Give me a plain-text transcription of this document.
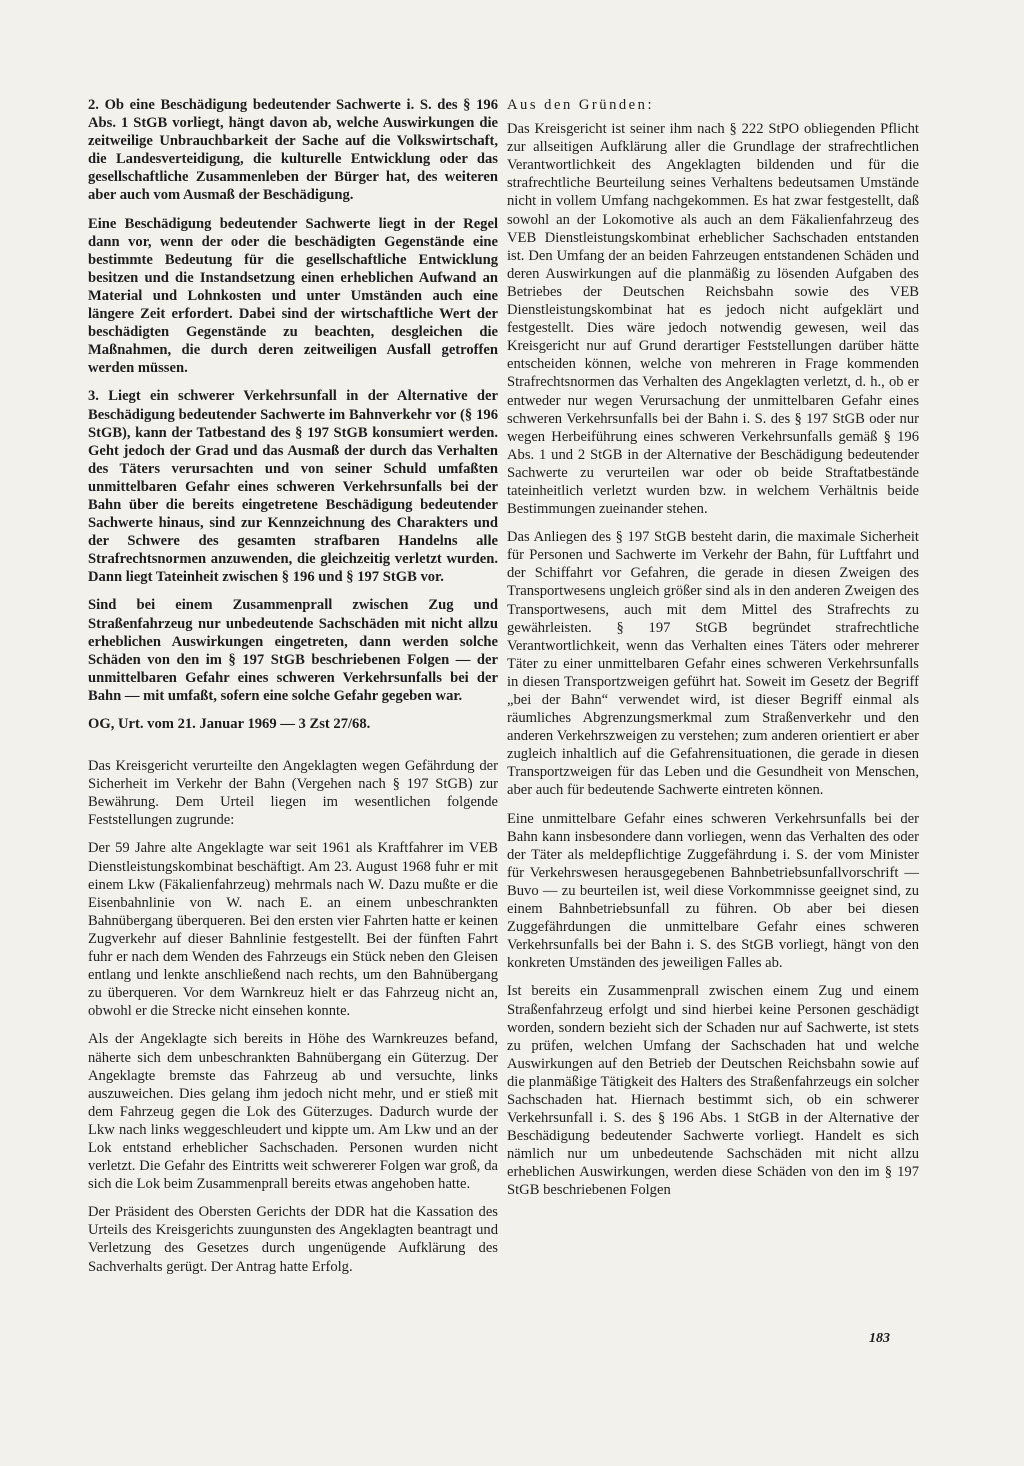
2. Ob eine Beschädigung bedeutender Sachwerte i. S. des § 196 Abs. 1 StGB vorliegt, hängt davon ab, welche Auswirkungen die zeitweilige Unbrauchbarkeit der Sache auf die Volkswirtschaft, die Landesverteidigung, die kulturelle Entwicklung oder das gesellschaftliche Zusammenleben der Bürger hat, des weiteren aber auch vom Ausmaß der Beschädigung.

Eine Beschädigung bedeutender Sachwerte liegt in der Regel dann vor, wenn der oder die beschädigten Gegenstände eine bestimmte Bedeutung für die gesellschaftliche Entwicklung besitzen und die Instandsetzung einen erheblichen Aufwand an Material und Lohnkosten und unter Umständen auch eine längere Zeit erfordert. Dabei sind der wirtschaftliche Wert der beschädigten Gegenstände zu beachten, desgleichen die Maßnahmen, die durch deren zeitweiligen Ausfall getroffen werden müssen.

3. Liegt ein schwerer Verkehrsunfall in der Alternative der Beschädigung bedeutender Sachwerte im Bahnverkehr vor (§ 196 StGB), kann der Tatbestand des § 197 StGB konsumiert werden. Geht jedoch der Grad und das Ausmaß der durch das Verhalten des Täters verursachten und von seiner Schuld umfaßten unmittelbaren Gefahr eines schweren Verkehrsunfalls bei der Bahn über die bereits eingetretene Beschädigung bedeutender Sachwerte hinaus, sind zur Kennzeichnung des Charakters und der Schwere des gesamten strafbaren Handelns alle Strafrechtsnormen anzuwenden, die gleichzeitig verletzt wurden. Dann liegt Tateinheit zwischen § 196 und § 197 StGB vor.

Sind bei einem Zusammenprall zwischen Zug und Straßenfahrzeug nur unbedeutende Sachschäden mit nicht allzu erheblichen Auswirkungen eingetreten, dann werden solche Schäden von den im § 197 StGB beschriebenen Folgen — der unmittelbaren Gefahr eines schweren Verkehrsunfalls bei der Bahn — mit umfaßt, sofern eine solche Gefahr gegeben war.

OG, Urt. vom 21. Januar 1969 — 3 Zst 27/68.

Das Kreisgericht verurteilte den Angeklagten wegen Gefährdung der Sicherheit im Verkehr der Bahn (Vergehen nach § 197 StGB) zur Bewährung. Dem Urteil liegen im wesentlichen folgende Feststellungen zugrunde:

Der 59 Jahre alte Angeklagte war seit 1961 als Kraftfahrer im VEB Dienstleistungskombinat beschäftigt. Am 23. August 1968 fuhr er mit einem Lkw (Fäkalienfahrzeug) mehrmals nach W. Dazu mußte er die Eisenbahnlinie von W. nach E. an einem unbeschrankten Bahnübergang überqueren. Bei den ersten vier Fahrten hatte er keinen Zugverkehr auf dieser Bahnlinie festgestellt. Bei der fünften Fahrt fuhr er nach dem Wenden des Fahrzeugs ein Stück neben den Gleisen entlang und lenkte anschließend nach rechts, um den Bahnübergang zu überqueren. Vor dem Warnkreuz hielt er das Fahrzeug nicht an, obwohl er die Strecke nicht einsehen konnte.

Als der Angeklagte sich bereits in Höhe des Warnkreuzes befand, näherte sich dem unbeschrankten Bahnübergang ein Güterzug. Der Angeklagte bremste das Fahrzeug ab und versuchte, links auszuweichen. Dies gelang ihm jedoch nicht mehr, und er stieß mit dem Fahrzeug gegen die Lok des Güterzuges. Dadurch wurde der Lkw nach links weggeschleudert und kippte um. Am Lkw und an der Lok entstand erheblicher Sachschaden. Personen wurden nicht verletzt. Die Gefahr des Eintritts weit schwererer Folgen war groß, da sich die Lok beim Zusammenprall bereits etwas angehoben hatte.

Der Präsident des Obersten Gerichts der DDR hat die Kassation des Urteils des Kreisgerichts zuungunsten des Angeklagten beantragt und Verletzung des Gesetzes durch ungenügende Aufklärung des Sachverhalts gerügt. Der Antrag hatte Erfolg.

Aus den Gründen:

Das Kreisgericht ist seiner ihm nach § 222 StPO obliegenden Pflicht zur allseitigen Aufklärung aller die Grundlage der strafrechtlichen Verantwortlichkeit des Angeklagten bildenden und für die strafrechtliche Beurteilung seines Verhaltens bedeutsamen Umstände nicht in vollem Umfang nachgekommen. Es hat zwar festgestellt, daß sowohl an der Lokomotive als auch an dem Fäkalienfahrzeug des VEB Dienstleistungskombinat erheblicher Sachschaden entstanden ist. Den Umfang der an beiden Fahrzeugen entstandenen Schäden und deren Auswirkungen auf die planmäßig zu lösenden Aufgaben des Betriebes der Deutschen Reichsbahn sowie des VEB Dienstleistungskombinat hat es jedoch nicht aufgeklärt und festgestellt. Dies wäre jedoch notwendig gewesen, weil das Kreisgericht nur auf Grund derartiger Feststellungen darüber hätte entscheiden können, welche von mehreren in Frage kommenden Strafrechtsnormen das Verhalten des Angeklagten verletzt, d. h., ob er entweder nur wegen Verursachung der unmittelbaren Gefahr eines schweren Verkehrsunfalls bei der Bahn i. S. des § 197 StGB oder nur wegen Herbeiführung eines schweren Verkehrsunfalls gemäß § 196 Abs. 1 und 2 StGB in der Alternative der Beschädigung bedeutender Sachwerte zu verurteilen war oder ob beide Straftatbestände tateinheitlich verletzt wurden bzw. in welchem Verhältnis beide Bestimmungen zueinander stehen.

Das Anliegen des § 197 StGB besteht darin, die maximale Sicherheit für Personen und Sachwerte im Verkehr der Bahn, für Luftfahrt und der Schiffahrt vor Gefahren, die gerade in diesen Zweigen des Transportwesens ungleich größer sind als in den anderen Zweigen des Transportwesens, auch mit dem Mittel des Strafrechts zu gewährleisten. § 197 StGB begründet strafrechtliche Verantwortlichkeit, wenn das Verhalten eines Täters oder mehrerer Täter zu einer unmittelbaren Gefahr eines schweren Verkehrsunfalls in diesen Transportzweigen geführt hat. Soweit im Gesetz der Begriff „bei der Bahn“ verwendet wird, ist dieser Begriff einmal als räumliches Abgrenzungsmerkmal zum Straßenverkehr und den anderen Verkehrszweigen zu verstehen; zum anderen orientiert er aber zugleich inhaltlich auf die Gefahrensituationen, die gerade in diesen Transportzweigen für das Leben und die Gesundheit von Menschen, aber auch für bedeutende Sachwerte eintreten können.

Eine unmittelbare Gefahr eines schweren Verkehrsunfalls bei der Bahn kann insbesondere dann vorliegen, wenn das Verhalten des oder der Täter als meldepflichtige Zuggefährdung i. S. der vom Minister für Verkehrswesen herausgegebenen Bahnbetriebsunfallvorschrift — Buvo — zu beurteilen ist, weil diese Vorkommnisse geeignet sind, zu einem Bahnbetriebsunfall zu führen. Ob aber bei diesen Zuggefährdungen die unmittelbare Gefahr eines schweren Verkehrsunfalls bei der Bahn i. S. des StGB vorliegt, hängt von den konkreten Umständen des jeweiligen Falles ab.

Ist bereits ein Zusammenprall zwischen einem Zug und einem Straßenfahrzeug erfolgt und sind hierbei keine Personen geschädigt worden, sondern bezieht sich der Schaden nur auf Sachwerte, ist stets zu prüfen, welchen Umfang der Sachschaden hat und welche Auswirkungen auf den Betrieb der Deutschen Reichsbahn sowie auf die planmäßige Tätigkeit des Halters des Straßenfahrzeugs ein solcher Sachschaden hat. Hiernach bestimmt sich, ob ein schwerer Verkehrsunfall i. S. des § 196 Abs. 1 StGB in der Alternative der Beschädigung bedeutender Sachwerte vorliegt. Handelt es sich nämlich nur um unbedeutende Sachschäden mit nicht allzu erheblichen Auswirkungen, werden diese Schäden von den im § 197 StGB beschriebenen Folgen

183
